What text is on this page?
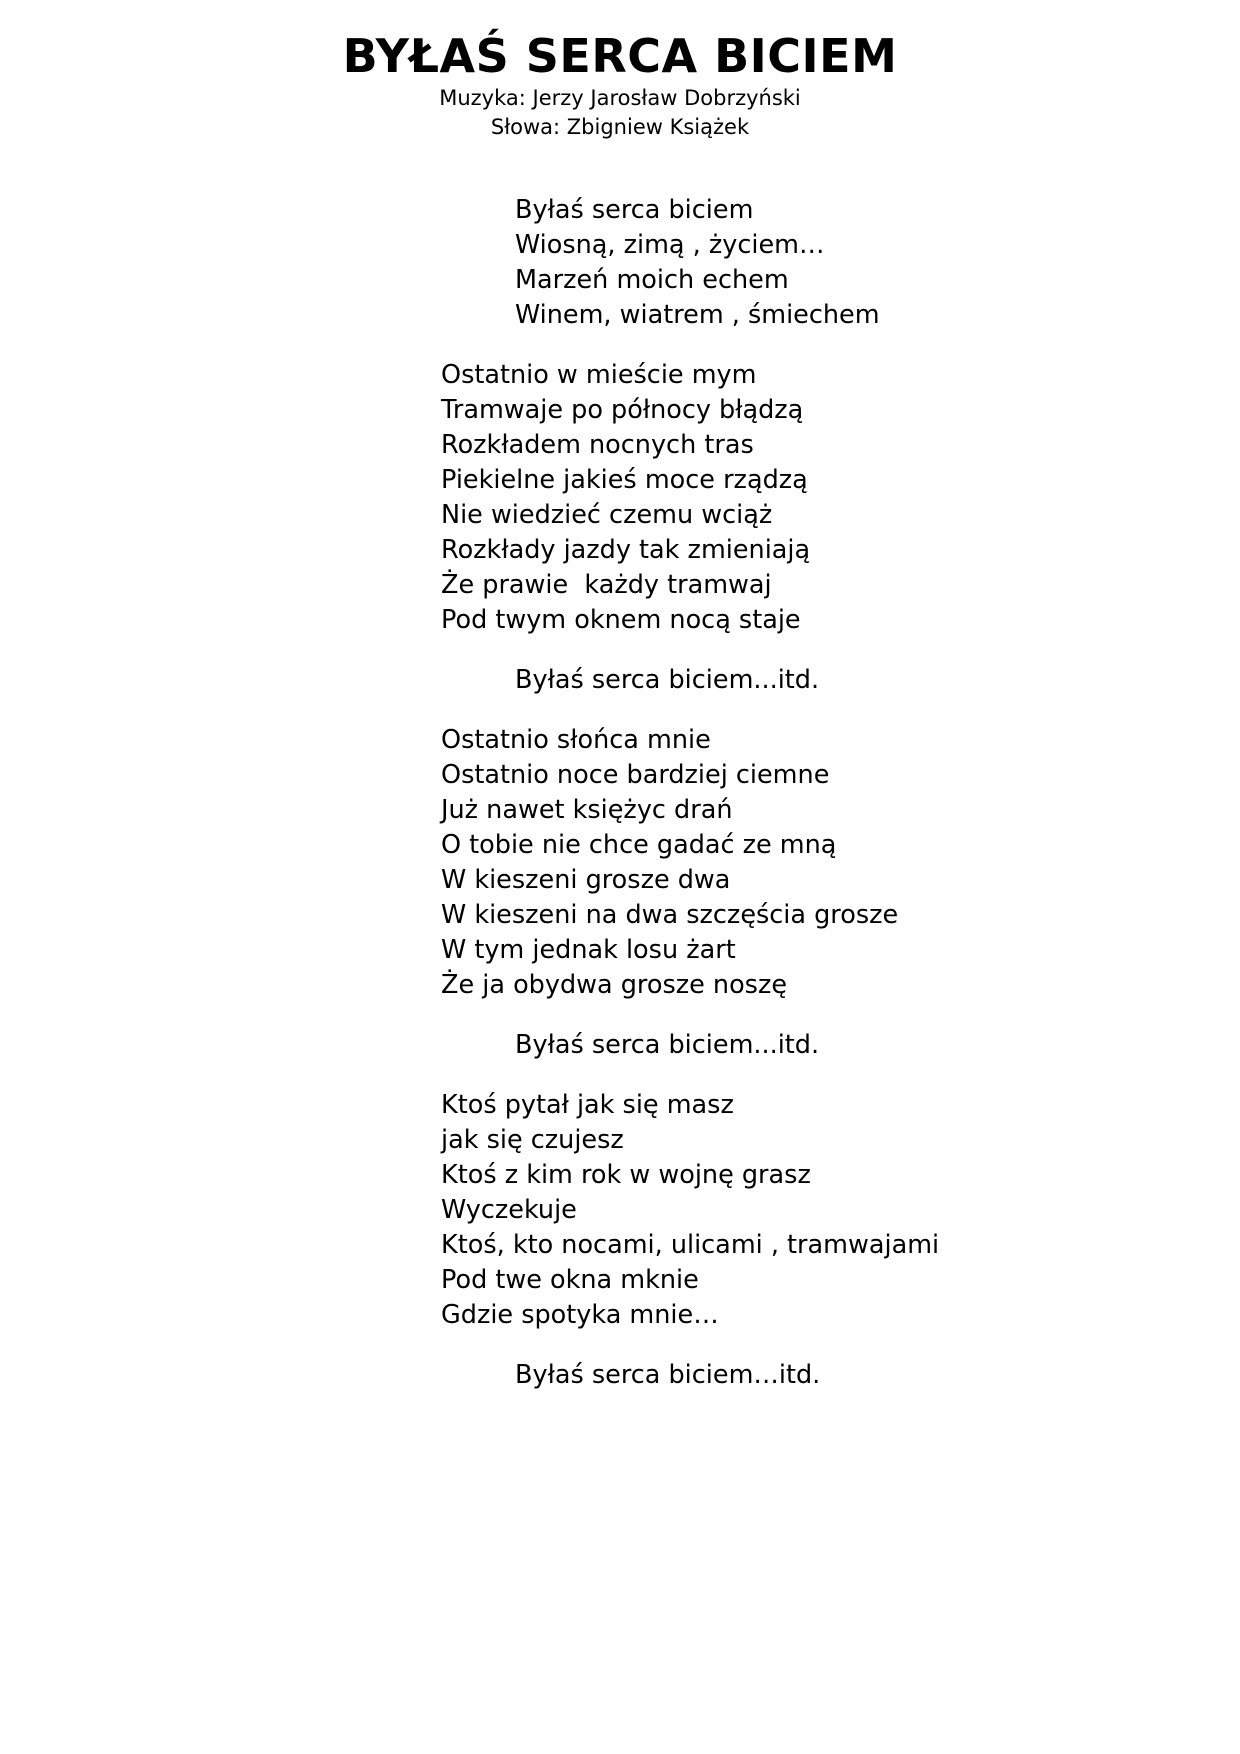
BYŁAŚ SERCA BICIEM

Muzyka: Jerzy Jarosław Dobrzyński

Słowa: Zbigniew Książek

Byłaś serca biciem
Wiosną, zimą , życiem…
Marzeń moich echem
Winem, wiatrem , śmiechem
Ostatnio w mieście mym
Tramwaje po północy błądzą
Rozkładem nocnych tras
Piekielne jakieś moce rządzą
Nie wiedzieć czemu wciąż
Rozkłady jazdy tak zmieniają
Że prawie  każdy tramwaj
Pod twym oknem nocą staje
Byłaś serca biciem...itd.
Ostatnio słońca mnie
Ostatnio noce bardziej ciemne
Już nawet księżyc drań
O tobie nie chce gadać ze mną
W kieszeni grosze dwa
W kieszeni na dwa szczęścia grosze
W tym jednak losu żart
Że ja obydwa grosze noszę
Byłaś serca biciem...itd.
Ktoś pytał jak się masz
jak się czujesz
Ktoś z kim rok w wojnę grasz
Wyczekuje
Ktoś, kto nocami, ulicami , tramwajami
Pod twe okna mknie
Gdzie spotyka mnie…
Byłaś serca biciem…itd.
